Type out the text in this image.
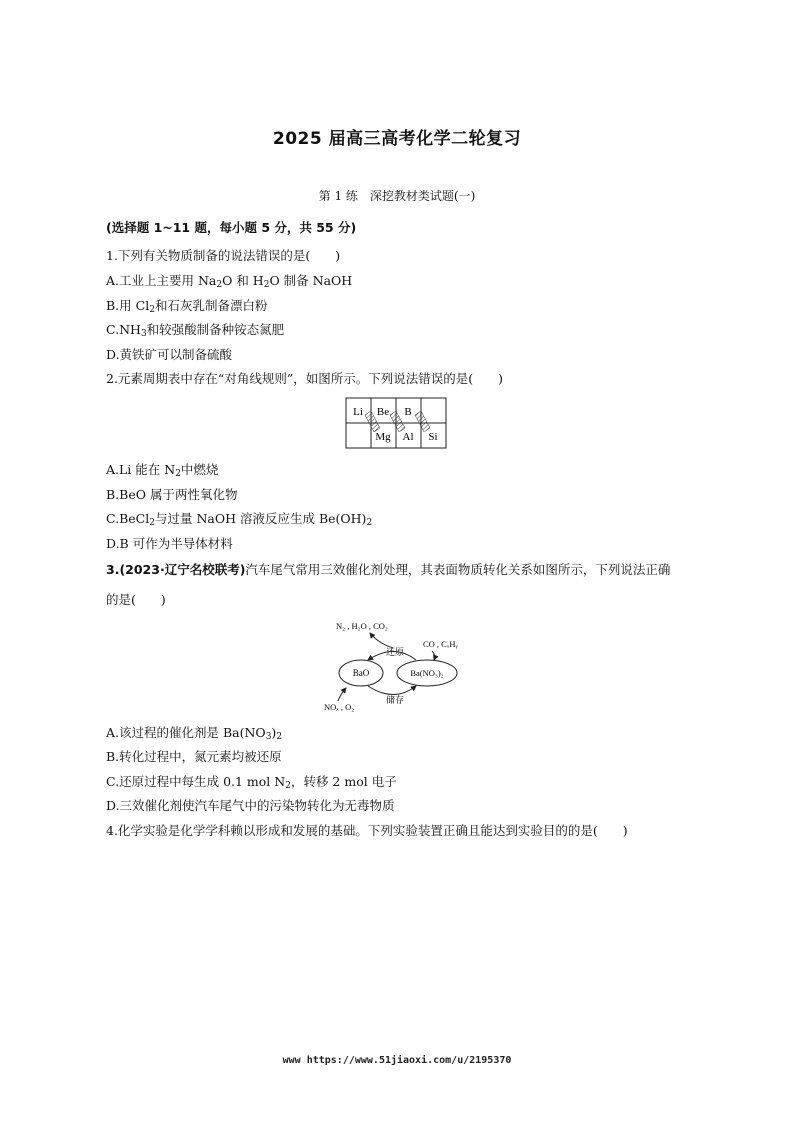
2025 届高三高考化学二轮复习
第 1 练　深挖教材类试题(一)
(选择题 1~11 题，每小题 5 分，共 55 分)
1.下列有关物质制备的说法错误的是(　　)
A.工业上主要用 $Na_2O$ 和 $H_2O$ 制备 NaOH
B.用 $Cl_2$和石灰乳制备漂白粉
$C.NH_3$和较强酸制备种铵态氮肥
D.黄铁矿可以制备硫酸
2.元素周期表中存在“对角线规则”，如图所示。下列说法错误的是(　　)
Li Be B
Mg Al Si
A.Li 能在 $N_2$中燃烧
B.BeO 属于两性氧化物
C.BeCl$_2$与过量 NaOH 溶液反应生成 $Be(OH)_2$
D.B 可作为半导体材料
3.(2023·辽宁名校联考)汽车尾气常用三效催化剂处理，其表面物质转化关系如图所示，下列说法正确
的是(　　)
N₂ , H₂O , CO₂
CO , CₓHᵧ
还原
储存
NOₓ , O₂
BaO	Ba(NO₃)₂
A.该过程的催化剂是 $Ba(NO_3)_2$
B.转化过程中，氮元素均被还原
C.还原过程中每生成 0.1 mol $N_2$，转移 2 mol 电子
D.三效催化剂使汽车尾气中的污染物转化为无毒物质
4.化学实验是化学学科赖以形成和发展的基础。下列实验装置正确且能达到实验目的的是(　　)
www https://www.51jiaoxi.com/u/2195370
